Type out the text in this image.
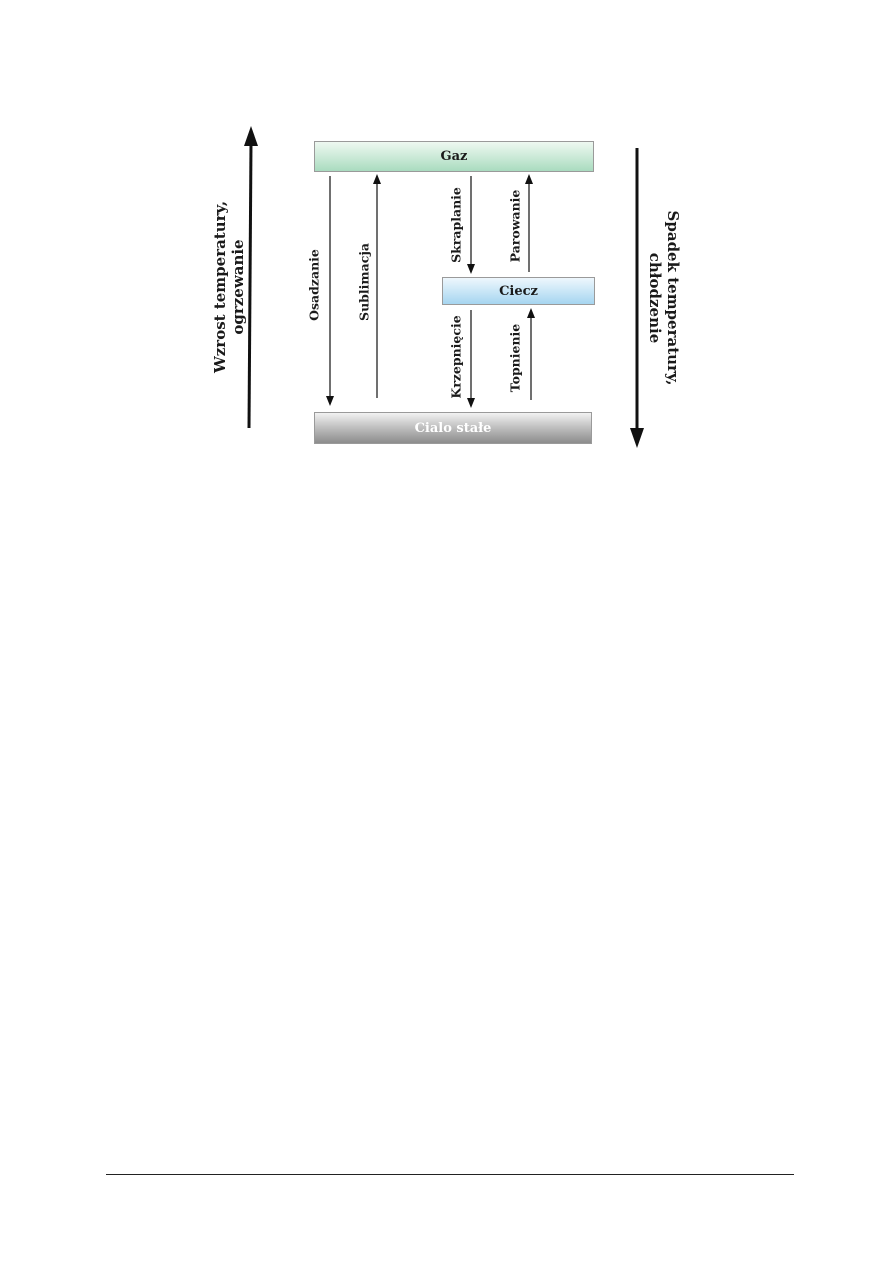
Gaz
Ciecz
Cialo stałe
Osadzanie	Sublimacja
Skraplanie	Parowanie
Krzepnięcie	Topnienie
Wzrost temperatury, ogrzewanie	Spadek temperatury,
chłodzenie
